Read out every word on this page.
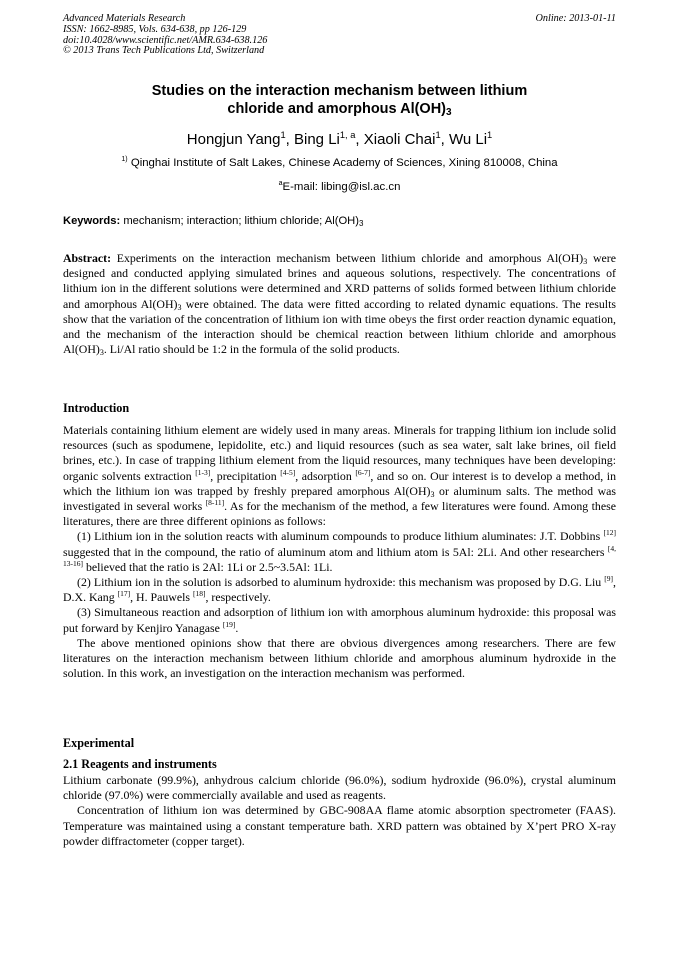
Advanced Materials Research
ISSN: 1662-8985, Vols. 634-638, pp 126-129
doi:10.4028/www.scientific.net/AMR.634-638.126
© 2013 Trans Tech Publications Ltd, Switzerland
Online: 2013-01-11
Studies on the interaction mechanism between lithium
chloride and amorphous $Al(OH)_3$
Hongjun Yang$^1$, Bing Li$^{1, a}$, Xiaoli Chai$^1$, Wu Li$^1$
$^{1)}$ Qinghai Institute of Salt Lakes, Chinese Academy of Sciences, Xining 810008, China
$^a$E-mail: libing@isl.ac.cn
Keywords: mechanism; interaction; lithium chloride; $Al(OH)_3$

Abstract: Experiments on the interaction mechanism between lithium chloride and amorphous $Al(OH)_3$ were designed and conducted applying simulated brines and aqueous solutions, respectively. The concentrations of lithium ion in the different solutions were determined and XRD patterns of solids formed between lithium chloride and amorphous $Al(OH)_3$ were obtained. The data were fitted according to related dynamic equations. The results show that the variation of the concentration of lithium ion with time obeys the first order reaction dynamic equation, and the mechanism of the interaction should be chemical reaction between lithium chloride and amorphous $Al(OH)_3$. Li/Al ratio should be 1:2 in the formula of the solid products.

Introduction

Materials containing lithium element are widely used in many areas. Minerals for trapping lithium ion include solid resources (such as spodumene, lepidolite, etc.) and liquid resources (such as sea water, salt lake brines, oil field brines, etc.). In case of trapping lithium element from the liquid resources, many techniques have been developing: organic solvents extraction [1-3], precipitation [4-5], adsorption [6-7], and so on. Our interest is to develop a method, in which the lithium ion was trapped by freshly prepared amorphous $Al(OH)_3$ or aluminum salts. The method was investigated in several works [8-11]. As for the mechanism of the method, a few literatures were found. Among these literatures, there are three different opinions as follows:

(1) Lithium ion in the solution reacts with aluminum compounds to produce lithium aluminates: J.T. Dobbins [12] suggested that in the compound, the ratio of aluminum atom and lithium atom is 5Al: 2Li. And other researchers [4, 13-16] believed that the ratio is 2Al: 1Li or 2.5~3.5Al: 1Li.

(2) Lithium ion in the solution is adsorbed to aluminum hydroxide: this mechanism was proposed by D.G. Liu [9], D.X. Kang [17], H. Pauwels [18], respectively.

(3) Simultaneous reaction and adsorption of lithium ion with amorphous aluminum hydroxide: this proposal was put forward by Kenjiro Yanagase [19].

The above mentioned opinions show that there are obvious divergences among researchers. There are few literatures on the interaction mechanism between lithium chloride and amorphous aluminum hydroxide in the solution. In this work, an investigation on the interaction mechanism was performed.

Experimental
2.1 Reagents and instruments

Lithium carbonate (99.9%), anhydrous calcium chloride (96.0%), sodium hydroxide (96.0%), crystal aluminum chloride (97.0%) were commercially available and used as reagents.

Concentration of lithium ion was determined by GBC-908AA flame atomic absorption spectrometer (FAAS). Temperature was maintained using a constant temperature bath. XRD pattern was obtained by X’pert PRO X-ray powder diffractometer (copper target).
